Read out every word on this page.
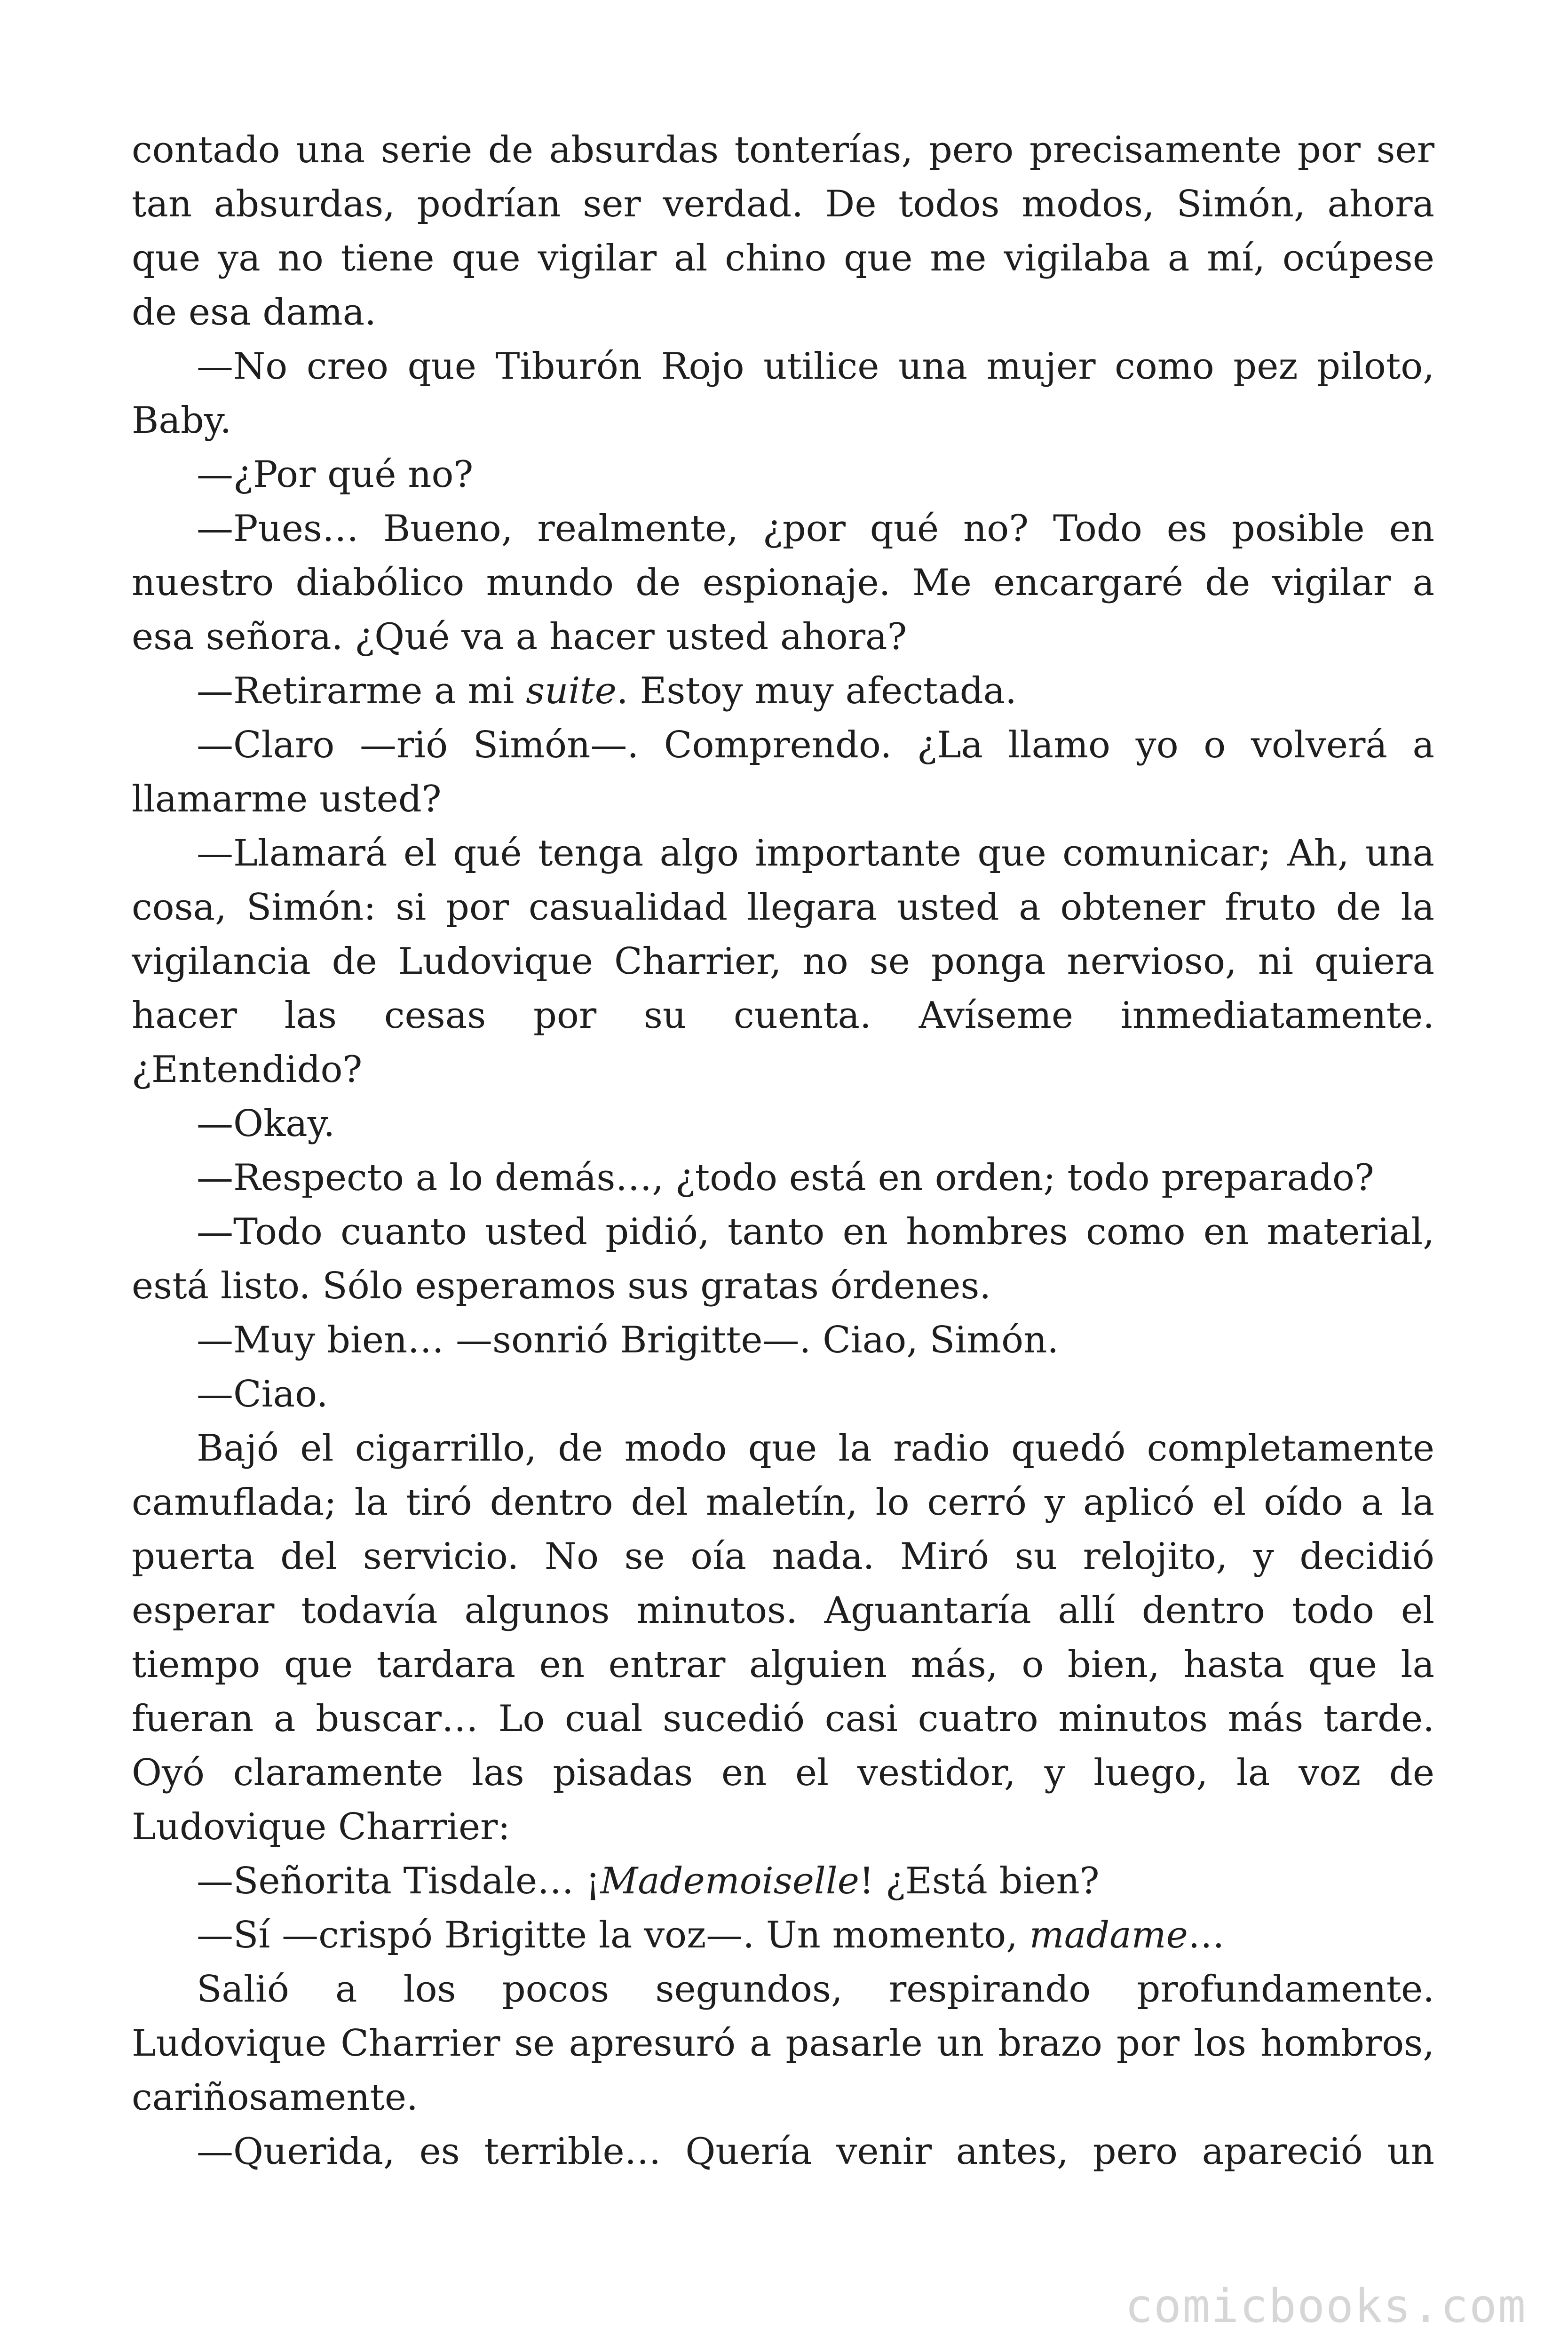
contado una serie de absurdas tonterías, pero precisamente por ser
tan absurdas, podrían ser verdad. De todos modos, Simón, ahora
que ya no tiene que vigilar al chino que me vigilaba a mí, ocúpese
de esa dama.
—No creo que Tiburón Rojo utilice una mujer como pez piloto,
Baby.
—¿Por qué no?
—Pues… Bueno, realmente, ¿por qué no? Todo es posible en
nuestro diabólico mundo de espionaje. Me encargaré de vigilar a
esa señora. ¿Qué va a hacer usted ahora?
—Retirarme a mi suite. Estoy muy afectada.
—Claro —rió Simón—. Comprendo. ¿La llamo yo o volverá a
llamarme usted?
—Llamará el qué tenga algo importante que comunicar; Ah, una
cosa, Simón: si por casualidad llegara usted a obtener fruto de la
vigilancia de Ludovique Charrier, no se ponga nervioso, ni quiera
hacer las cesas por su cuenta. Avíseme inmediatamente.
¿Entendido?
—Okay.
—Respecto a lo demás…, ¿todo está en orden; todo preparado?
—Todo cuanto usted pidió, tanto en hombres como en material,
está listo. Sólo esperamos sus gratas órdenes.
—Muy bien… —sonrió Brigitte—. Ciao, Simón.
—Ciao.
Bajó el cigarrillo, de modo que la radio quedó completamente
camuflada; la tiró dentro del maletín, lo cerró y aplicó el oído a la
puerta del servicio. No se oía nada. Miró su relojito, y decidió
esperar todavía algunos minutos. Aguantaría allí dentro todo el
tiempo que tardara en entrar alguien más, o bien, hasta que la
fueran a buscar… Lo cual sucedió casi cuatro minutos más tarde.
Oyó claramente las pisadas en el vestidor, y luego, la voz de
Ludovique Charrier:
—Señorita Tisdale… ¡Mademoiselle! ¿Está bien?
—Sí —crispó Brigitte la voz—. Un momento, madame…
Salió a los pocos segundos, respirando profundamente.
Ludovique Charrier se apresuró a pasarle un brazo por los hombros,
cariñosamente.
—Querida, es terrible… Quería venir antes, pero apareció un
comicbooks.com
